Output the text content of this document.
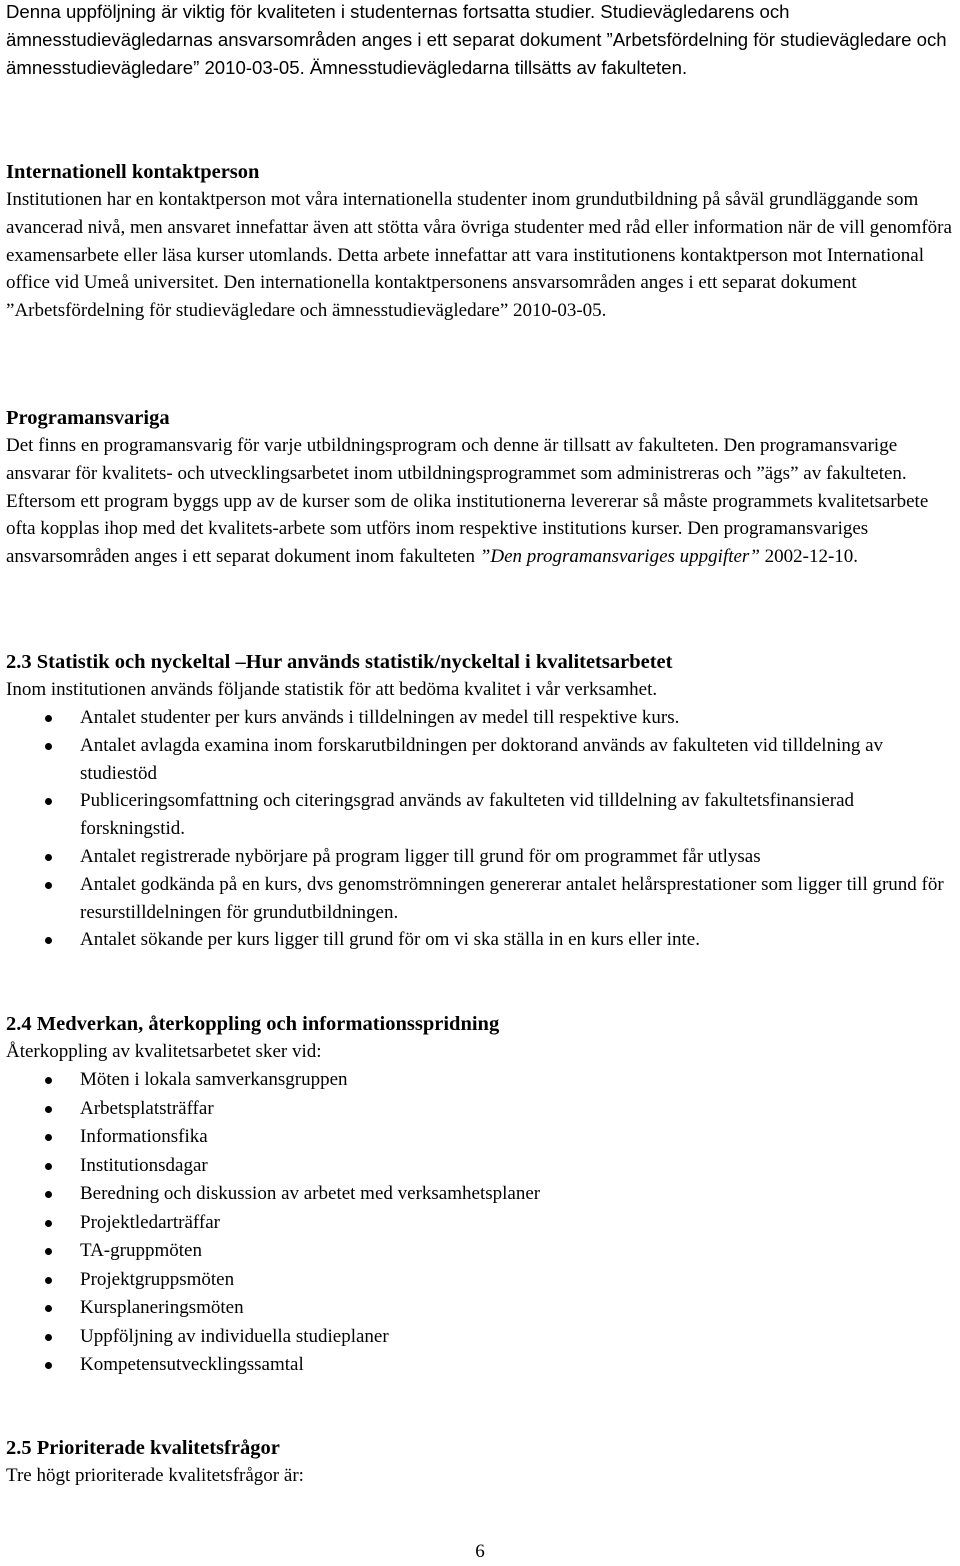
Denna uppföljning är viktig för kvaliteten i studenternas fortsatta studier. Studievägledarens och ämnesstudievägledarnas ansvarsområden anges i ett separat dokument ”Arbetsfördelning för studievägledare och ämnesstudievägledare” 2010-03-05. Ämnesstudievägledarna tillsätts av fakulteten.

Internationell kontaktperson

Institutionen har en kontaktperson mot våra internationella studenter inom grundutbildning på såväl grundläggande som avancerad nivå, men ansvaret innefattar även att stötta våra övriga studenter med råd eller information när de vill genomföra examensarbete eller läsa kurser utomlands. Detta arbete innefattar att vara institutionens kontaktperson mot International office vid Umeå universitet. Den internationella kontaktpersonens ansvarsområden anges i ett separat dokument ”Arbetsfördelning för studievägledare och ämnesstudievägledare” 2010-03-05.

Programansvariga

Det finns en programansvarig för varje utbildningsprogram och denne är tillsatt av fakulteten. Den programansvarige ansvarar för kvalitets- och utvecklingsarbetet inom utbildningsprogrammet som administreras och ”ägs” av fakulteten. Eftersom ett program byggs upp av de kurser som de olika institutionerna levererar så måste programmets kvalitetsarbete ofta kopplas ihop med det kvalitets-arbete som utförs inom respektive institutions kurser. Den programansvariges ansvarsområden anges i ett separat dokument inom fakulteten ”Den programansvariges uppgifter” 2002-12-10.

2.3 Statistik och nyckeltal –Hur används statistik/nyckeltal i kvalitetsarbetet

Inom institutionen används följande statistik för att bedöma kvalitet i vår verksamhet.

Antalet studenter per kurs används i tilldelningen av medel till respektive kurs.
Antalet avlagda examina inom forskarutbildningen per doktorand används av fakulteten vid tilldelning av studiestöd
Publiceringsomfattning och citeringsgrad används av fakulteten vid tilldelning av fakultetsfinansierad forskningstid.
Antalet registrerade nybörjare på program ligger till grund för om programmet får utlysas
Antalet godkända på en kurs, dvs genomströmningen genererar antalet helårsprestationer som ligger till grund för resurstilldelningen för grundutbildningen.
Antalet sökande per kurs ligger till grund för om vi ska ställa in en kurs eller inte.
2.4 Medverkan, återkoppling och informationsspridning

Återkoppling av kvalitetsarbetet sker vid:

Möten i lokala samverkansgruppen
Arbetsplatsträffar
Informationsfika
Institutionsdagar
Beredning och diskussion av arbetet med verksamhetsplaner
Projektledarträffar
TA-gruppmöten
Projektgruppsmöten
Kursplaneringsmöten
Uppföljning av individuella studieplaner
Kompetensutvecklingssamtal
2.5 Prioriterade kvalitetsfrågor

Tre högt prioriterade kvalitetsfrågor är:

6
